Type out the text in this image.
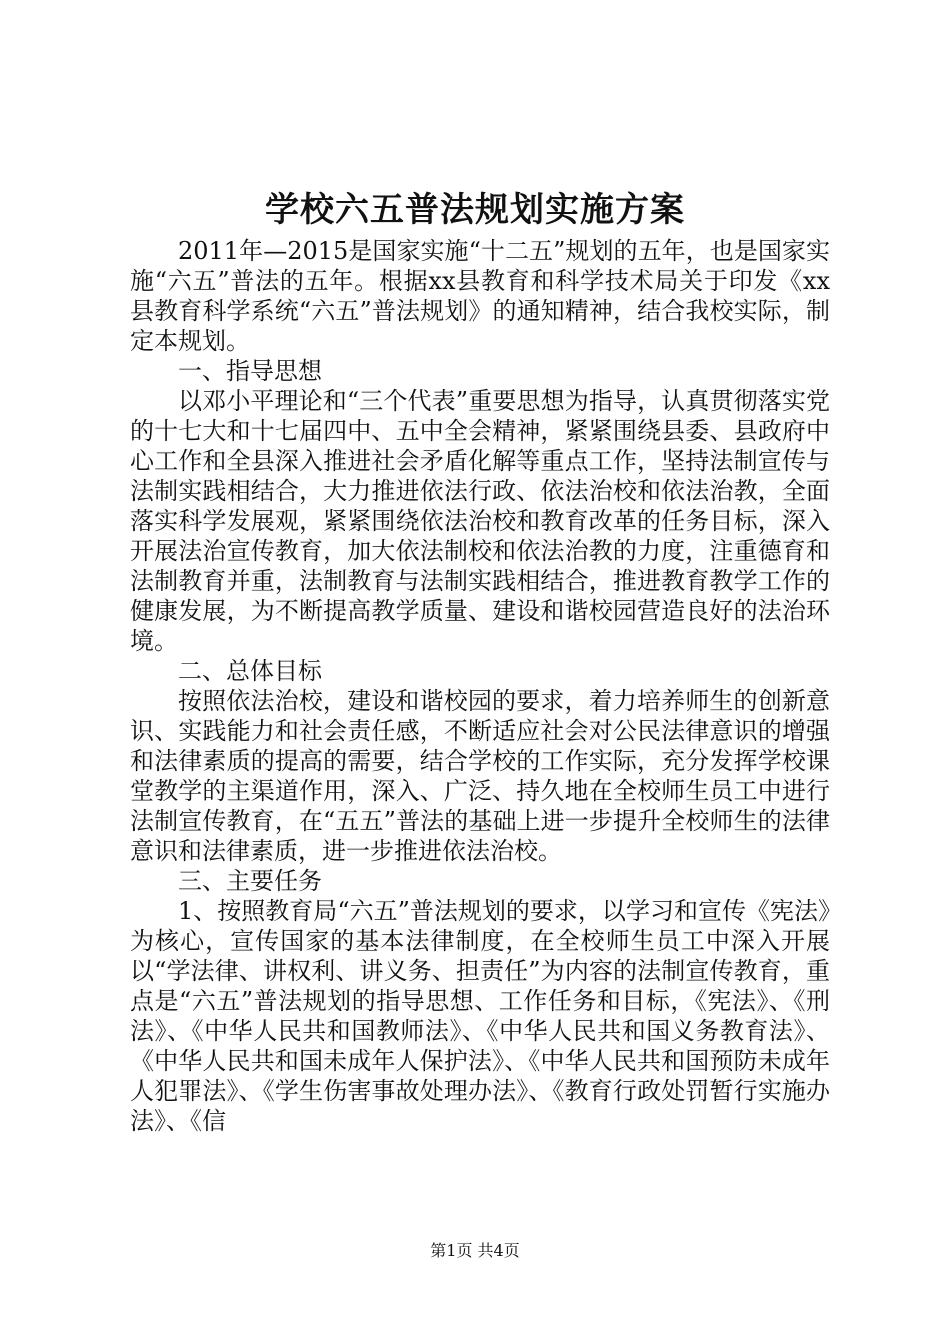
学校六五普法规划实施方案

2011年—2015是国家实施“十二五”规划的五年，也是国家实施“六五”普法的五年。根据xx县教育和科学技术局关于印发《xx县教育科学系统“六五”普法规划》的通知精神，结合我校实际，制定本规划。

一、指导思想

以邓小平理论和“三个代表”重要思想为指导，认真贯彻落实党的十七大和十七届四中、五中全会精神，紧紧围绕县委、县政府中心工作和全县深入推进社会矛盾化解等重点工作，坚持法制宣传与法制实践相结合，大力推进依法行政、依法治校和依法治教，全面落实科学发展观，紧紧围绕依法治校和教育改革的任务目标，深入开展法治宣传教育，加大依法制校和依法治教的力度，注重德育和法制教育并重，法制教育与法制实践相结合，推进教育教学工作的健康发展，为不断提高教学质量、建设和谐校园营造良好的法治环境。

二、总体目标

按照依法治校，建设和谐校园的要求，着力培养师生的创新意识、实践能力和社会责任感，不断适应社会对公民法律意识的增强和法律素质的提高的需要，结合学校的工作实际，充分发挥学校课堂教学的主渠道作用，深入、广泛、持久地在全校师生员工中进行法制宣传教育，在“五五”普法的基础上进一步提升全校师生的法律意识和法律素质，进一步推进依法治校。

三、主要任务

1、按照教育局“六五”普法规划的要求，以学习和宣传《宪法》为核心，宣传国家的基本法律制度，在全校师生员工中深入开展以“学法律、讲权利、讲义务、担责任”为内容的法制宣传教育，重点是“六五”普法规划的指导思想、工作任务和目标，《宪法》、《刑法》、《中华人民共和国教师法》、《中华人民共和国义务教育法》、《中华人民共和国未成年人保护法》、《中华人民共和国预防未成年人犯罪法》、《学生伤害事故处理办法》、《教育行政处罚暂行实施办法》、《信

第1页 共4页
